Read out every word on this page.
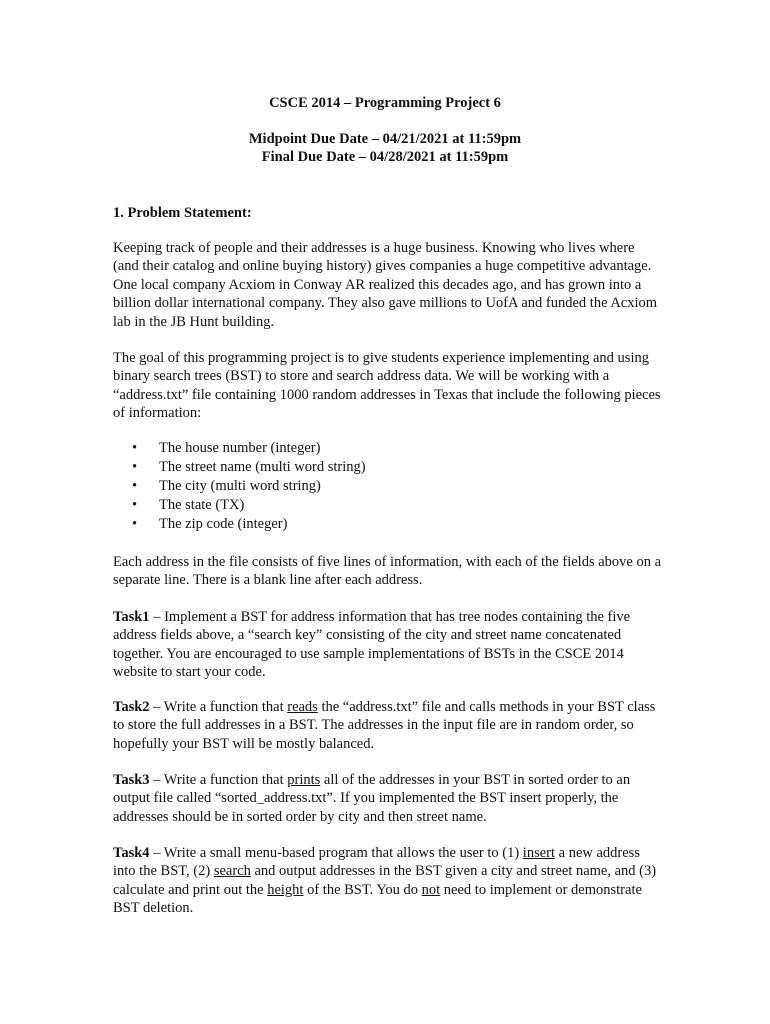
CSCE 2014 – Programming Project 6
Midpoint Due Date – 04/21/2021 at 11:59pm
Final Due Date – 04/28/2021 at 11:59pm
1. Problem Statement:

Keeping track of people and their addresses is a huge business. Knowing who lives where (and their catalog and online buying history) gives companies a huge competitive advantage. One local company Acxiom in Conway AR realized this decades ago, and has grown into a billion dollar international company. They also gave millions to UofA and funded the Acxiom lab in the JB Hunt building.

The goal of this programming project is to give students experience implementing and using binary search trees (BST) to store and search address data. We will be working with a “address.txt” file containing 1000 random addresses in Texas that include the following pieces of information:

• The house number (integer)
• The street name (multi word string)
• The city (multi word string)
• The state (TX)
• The zip code (integer)

Each address in the file consists of five lines of information, with each of the fields above on a separate line. There is a blank line after each address.

Task1 – Implement a BST for address information that has tree nodes containing the five address fields above, a “search key” consisting of the city and street name concatenated together. You are encouraged to use sample implementations of BSTs in the CSCE 2014 website to start your code.

Task2 – Write a function that reads the “address.txt” file and calls methods in your BST class to store the full addresses in a BST. The addresses in the input file are in random order, so hopefully your BST will be mostly balanced.

Task3 – Write a function that prints all of the addresses in your BST in sorted order to an output file called “sorted_address.txt”. If you implemented the BST insert properly, the addresses should be in sorted order by city and then street name.

Task4 – Write a small menu-based program that allows the user to (1) insert a new address into the BST, (2) search and output addresses in the BST given a city and street name, and (3) calculate and print out the height of the BST. You do not need to implement or demonstrate BST deletion.
